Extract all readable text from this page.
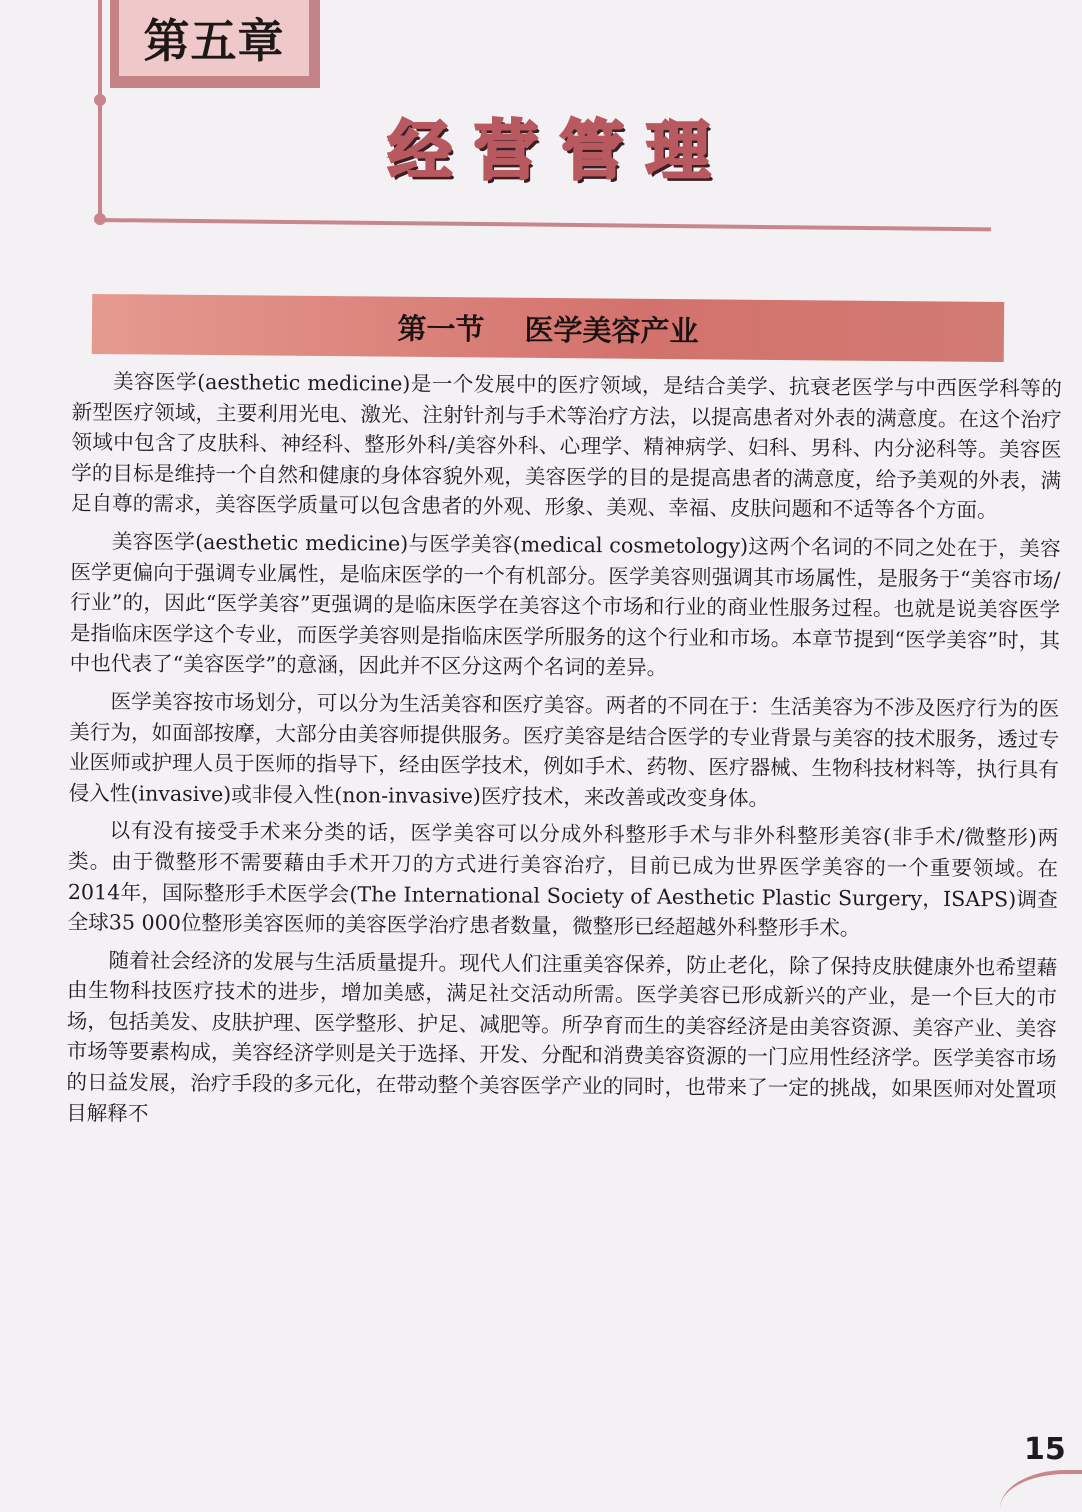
第五章
经营管理
第一节 医学美容产业

美容医学(aesthetic medicine)是一个发展中的医疗领域，是结合美学、抗衰老医学与中西医学科等的新型医疗领域，主要利用光电、激光、注射针剂与手术等治疗方法，以提高患者对外表的满意度。在这个治疗领域中包含了皮肤科、神经科、整形外科/美容外科、心理学、精神病学、妇科、男科、内分泌科等。美容医学的目标是维持一个自然和健康的身体容貌外观，美容医学的目的是提高患者的满意度，给予美观的外表，满足自尊的需求，美容医学质量可以包含患者的外观、形象、美观、幸福、皮肤问题和不适等各个方面。

美容医学(aesthetic medicine)与医学美容(medical cosmetology)这两个名词的不同之处在于，美容医学更偏向于强调专业属性，是临床医学的一个有机部分。医学美容则强调其市场属性，是服务于“美容市场/行业”的，因此“医学美容”更强调的是临床医学在美容这个市场和行业的商业性服务过程。也就是说美容医学是指临床医学这个专业，而医学美容则是指临床医学所服务的这个行业和市场。本章节提到“医学美容”时，其中也代表了“美容医学”的意涵，因此并不区分这两个名词的差异。

医学美容按市场划分，可以分为生活美容和医疗美容。两者的不同在于：生活美容为不涉及医疗行为的医美行为，如面部按摩，大部分由美容师提供服务。医疗美容是结合医学的专业背景与美容的技术服务，透过专业医师或护理人员于医师的指导下，经由医学技术，例如手术、药物、医疗器械、生物科技材料等，执行具有侵入性(invasive)或非侵入性(non-invasive)医疗技术，来改善或改变身体。

以有没有接受手术来分类的话，医学美容可以分成外科整形手术与非外科整形美容(非手术/微整形)两类。由于微整形不需要藉由手术开刀的方式进行美容治疗，目前已成为世界医学美容的一个重要领域。在2014年，国际整形手术医学会(The International Society of Aesthetic Plastic Surgery，ISAPS)调查全球35 000位整形美容医师的美容医学治疗患者数量，微整形已经超越外科整形手术。

随着社会经济的发展与生活质量提升。现代人们注重美容保养，防止老化，除了保持皮肤健康外也希望藉由生物科技医疗技术的进步，增加美感，满足社交活动所需。医学美容已形成新兴的产业，是一个巨大的市场，包括美发、皮肤护理、医学整形、护足、减肥等。所孕育而生的美容经济是由美容资源、美容产业、美容市场等要素构成，美容经济学则是关于选择、开发、分配和消费美容资源的一门应用性经济学。医学美容市场的日益发展，治疗手段的多元化，在带动整个美容医学产业的同时，也带来了一定的挑战，如果医师对处置项目解释不

15
